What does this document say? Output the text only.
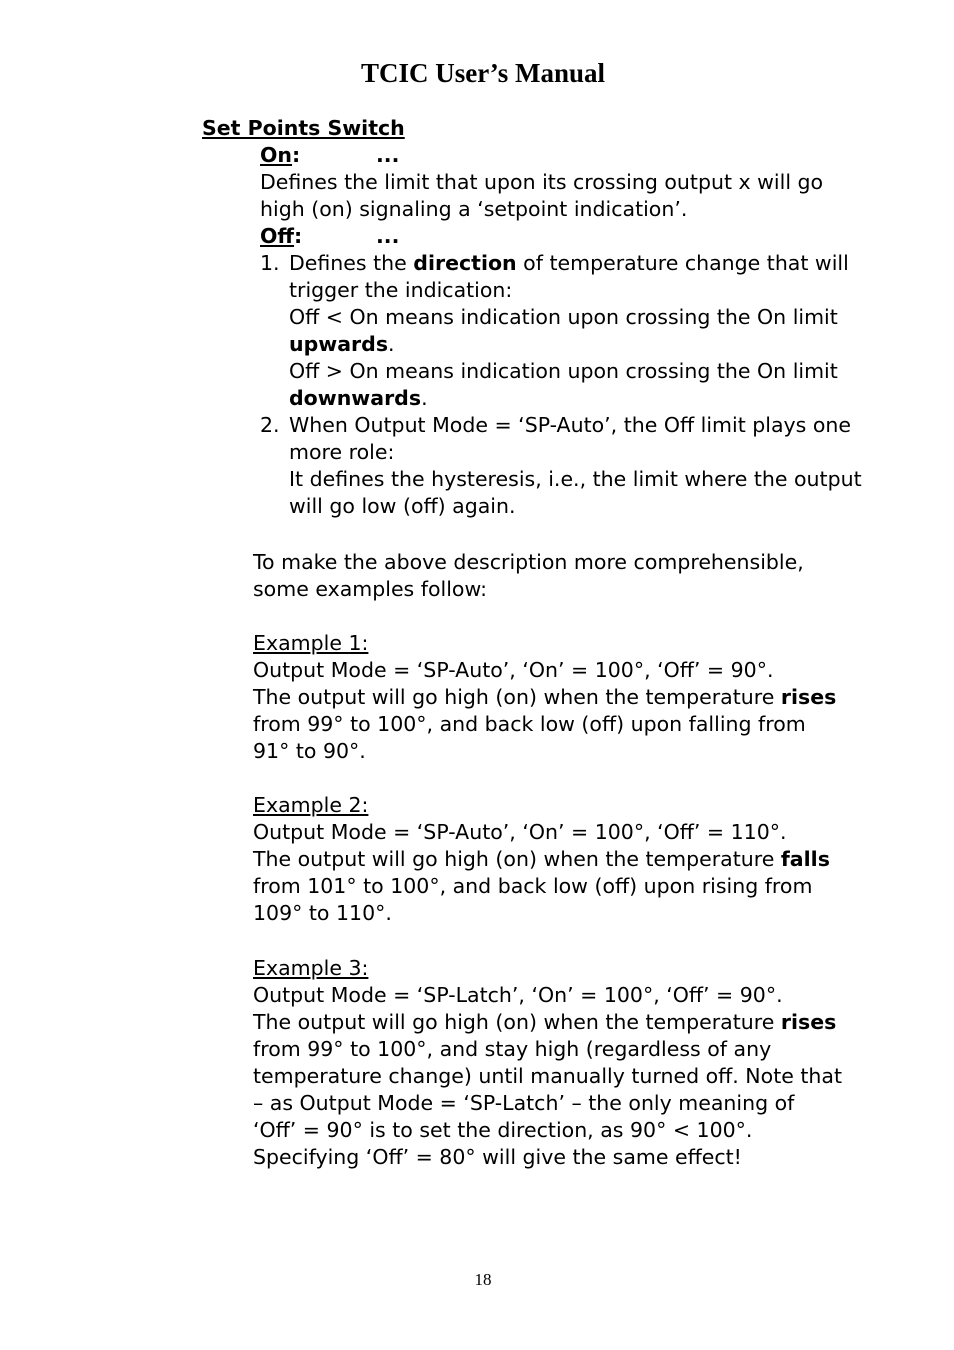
TCIC User’s Manual
Set Points Switch
On:	...
Defines the limit that upon its crossing output x will go
high (on) signaling a ‘setpoint indication’.
Off:	...
1. Defines the direction of temperature change that will
trigger the indication:
Off < On means indication upon crossing the On limit
upwards.
Off > On means indication upon crossing the On limit
downwards.
2. When Output Mode = ‘SP-Auto’, the Off limit plays one
more role:
It defines the hysteresis, i.e., the limit where the output
will go low (off) again.
To make the above description more comprehensible,
some examples follow:
Example 1:
Output Mode = ‘SP-Auto’, ‘On’ = 100°, ‘Off’ = 90°.
The output will go high (on) when the temperature rises
from 99° to 100°, and back low (off) upon falling from
91° to 90°.
Example 2:
Output Mode = ‘SP-Auto’, ‘On’ = 100°, ‘Off’ = 110°.
The output will go high (on) when the temperature falls
from 101° to 100°, and back low (off) upon rising from
109° to 110°.
Example 3:
Output Mode = ‘SP-Latch’, ‘On’ = 100°, ‘Off’ = 90°.
The output will go high (on) when the temperature rises
from 99° to 100°, and stay high (regardless of any
temperature change) until manually turned off. Note that
– as Output Mode = ‘SP-Latch’ – the only meaning of
‘Off’ = 90° is to set the direction, as 90° < 100°.
Specifying ‘Off’ = 80° will give the same effect!
18
